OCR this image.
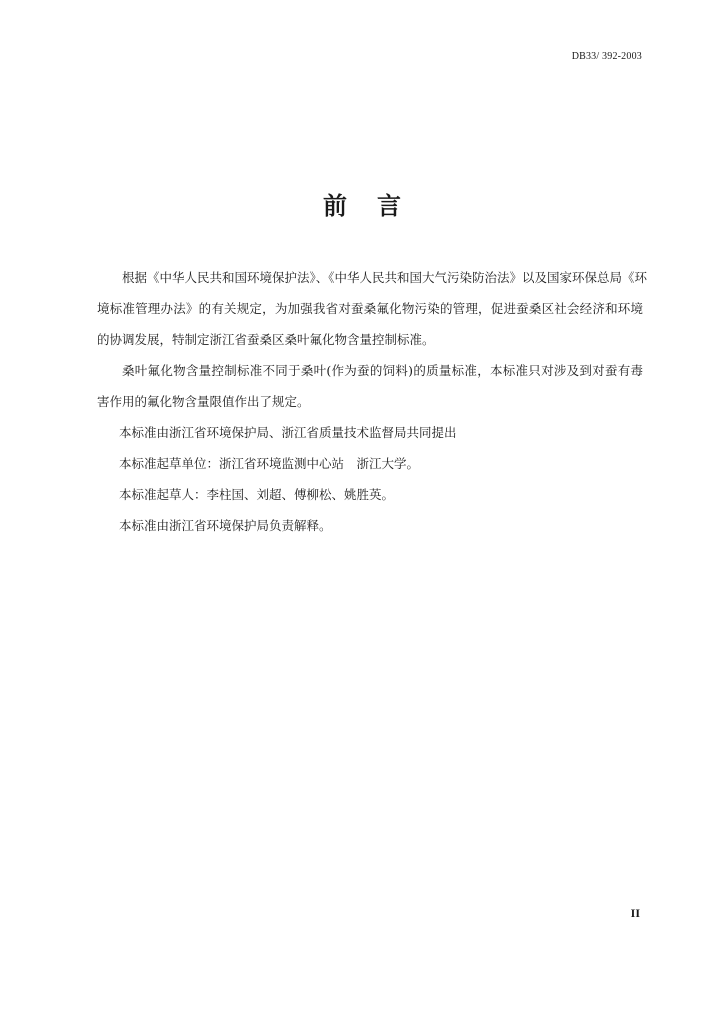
DB33/ 392-2003
前言
根据《中华人民共和国环境保护法》、《中华人民共和国大气污染防治法》以及国家环保总局《环
境标准管理办法》的有关规定，为加强我省对蚕桑氟化物污染的管理，促进蚕桑区社会经济和环境
的协调发展，特制定浙江省蚕桑区桑叶氟化物含量控制标准。
桑叶氟化物含量控制标准不同于桑叶(作为蚕的饲料)的质量标准，本标准只对涉及到对蚕有毒
害作用的氟化物含量限值作出了规定。
本标准由浙江省环境保护局、浙江省质量技术监督局共同提出
本标准起草单位：浙江省环境监测中心站　浙江大学。
本标准起草人：李柱国、刘超、傅柳松、姚胜英。
本标准由浙江省环境保护局负责解释。
II
